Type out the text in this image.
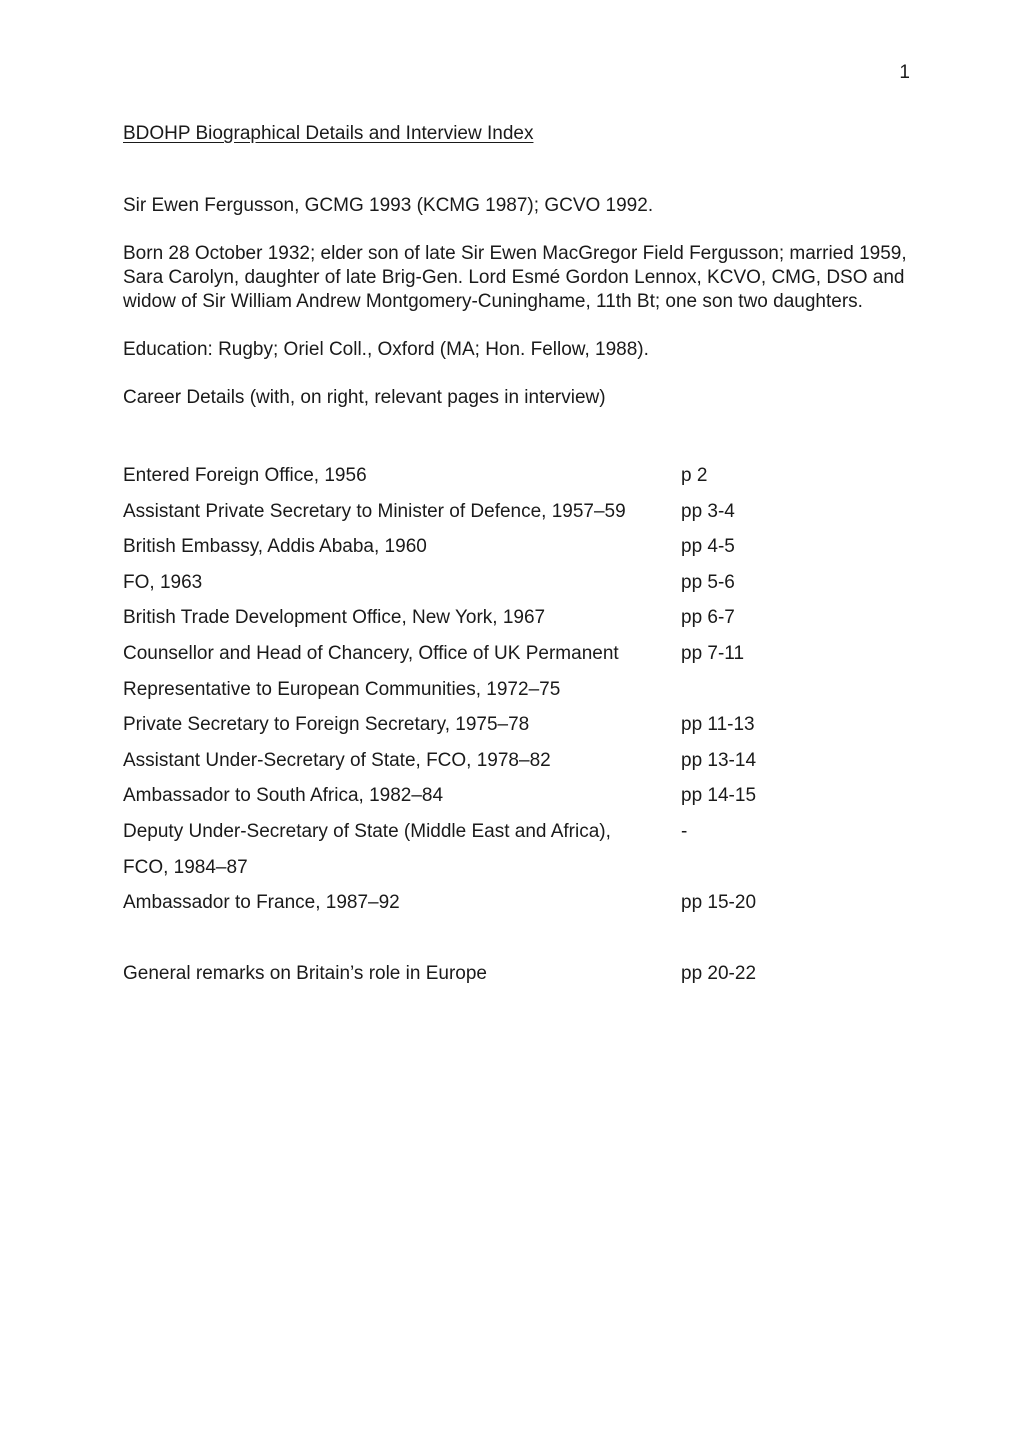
1
BDOHP Biographical Details and Interview Index

Sir Ewen Fergusson, GCMG 1993 (KCMG 1987); GCVO 1992.

Born 28 October 1932; elder son of late Sir Ewen MacGregor Field Fergusson; married 1959, Sara Carolyn, daughter of late Brig-Gen. Lord Esmé Gordon Lennox, KCVO, CMG, DSO and widow of Sir William Andrew Montgomery-Cuninghame, 11th Bt; one son two daughters.

Education: Rugby; Oriel Coll., Oxford (MA; Hon. Fellow, 1988).

Career Details (with, on right, relevant pages in interview)

Entered Foreign Office, 1956	p 2
Assistant Private Secretary to Minister of Defence, 1957–59	pp 3-4
British Embassy, Addis Ababa, 1960	pp 4-5
FO, 1963	pp 5-6
British Trade Development Office, New York, 1967	pp 6-7
Counsellor and Head of Chancery, Office of UK Permanent	pp 7-11
Representative to European Communities, 1972–75
Private Secretary to Foreign Secretary, 1975–78	pp 11-13
Assistant Under-Secretary of State, FCO, 1978–82	pp 13-14
Ambassador to South Africa, 1982–84	pp 14-15
Deputy Under-Secretary of State (Middle East and Africa),	-
FCO, 1984–87
Ambassador to France, 1987–92	pp 15-20
General remarks on Britain’s role in Europe	pp 20-22
